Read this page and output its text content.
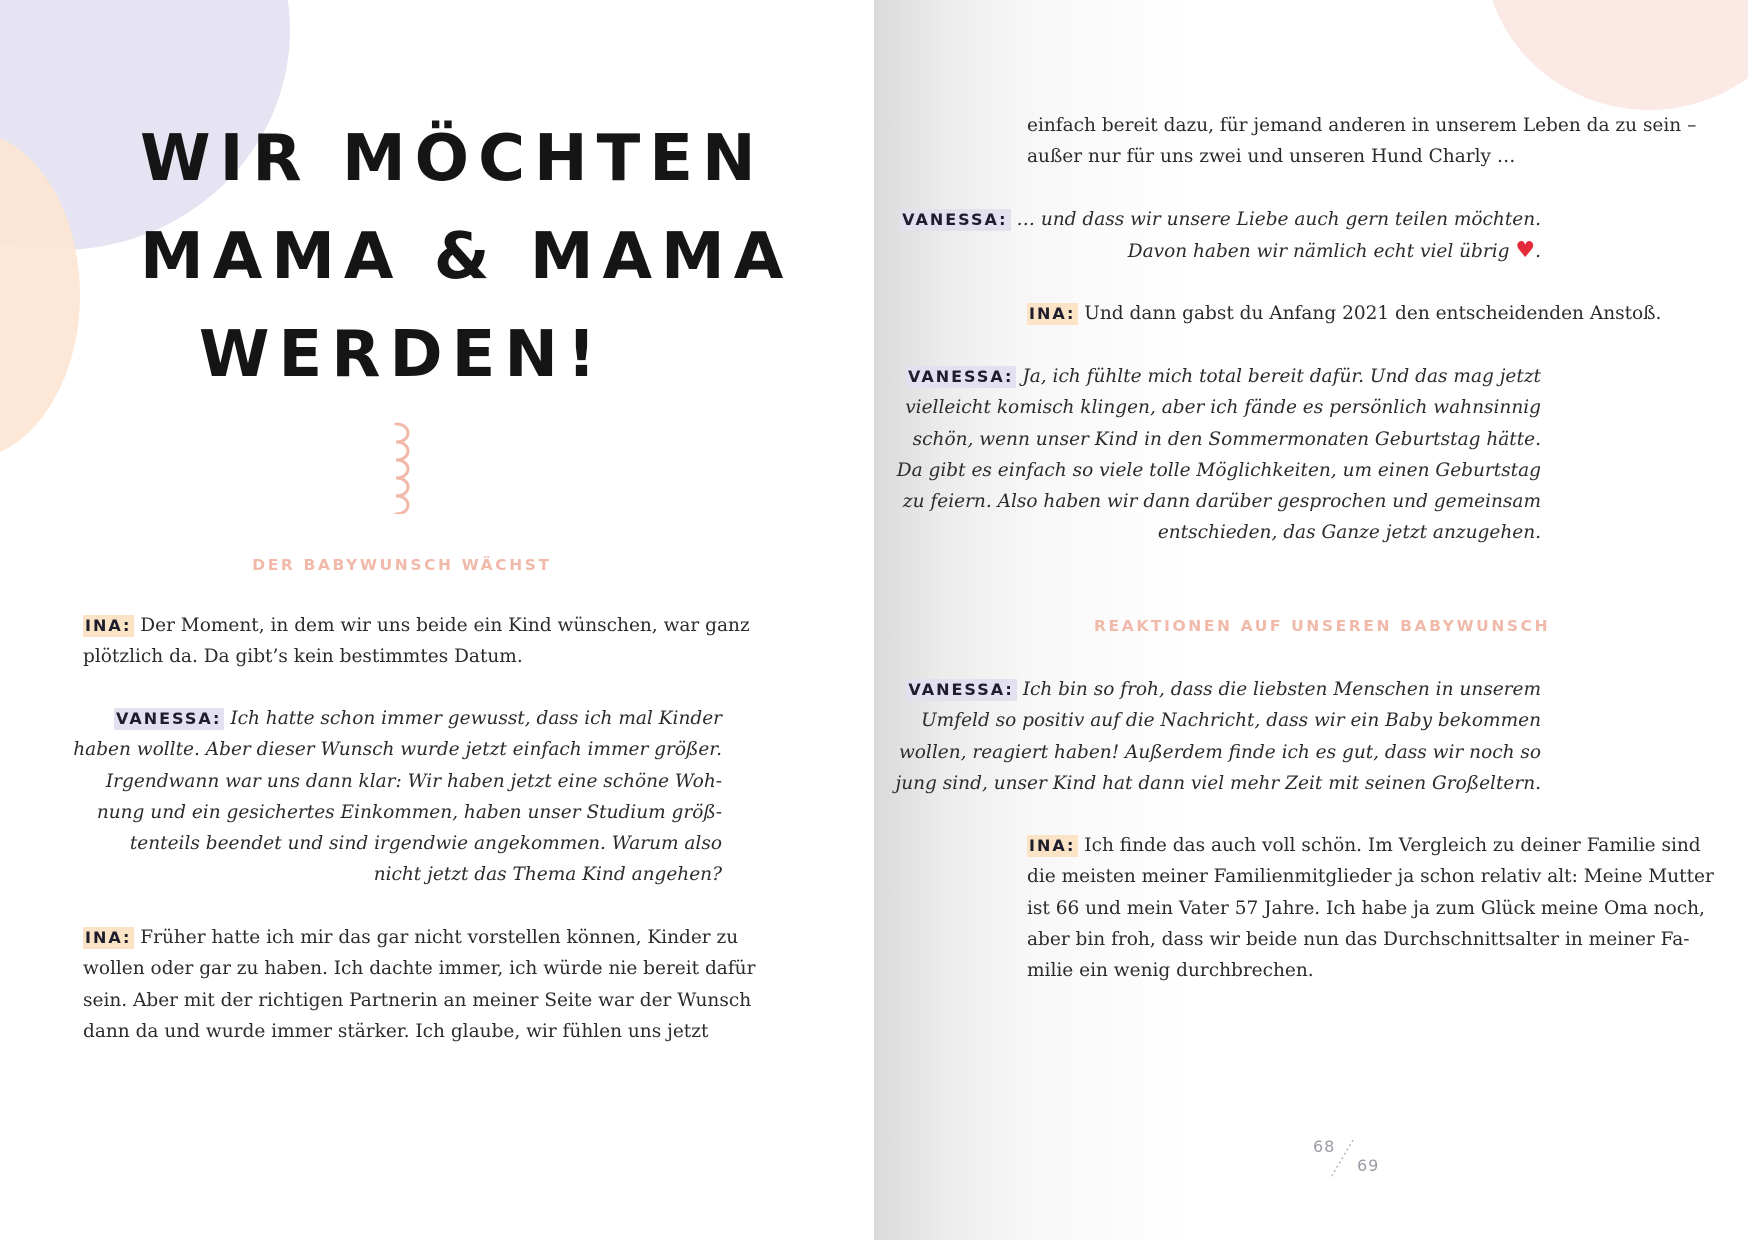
WIR MÖCHTEN
MAMA & MAMA
WERDEN!
DER BABYWUNSCH WÄCHST
INA: Der Moment, in dem wir uns beide ein Kind wünschen, war ganz
plötzlich da. Da gibt’s kein bestimmtes Datum.
VANESSA: Ich hatte schon immer gewusst, dass ich mal Kinder
haben wollte. Aber dieser Wunsch wurde jetzt einfach immer größer.
Irgendwann war uns dann klar: Wir haben jetzt eine schöne Woh-
nung und ein gesichertes Einkommen, haben unser Studium größ-
tenteils beendet und sind irgendwie angekommen. Warum also
nicht jetzt das Thema Kind angehen?
INA: Früher hatte ich mir das gar nicht vorstellen können, Kinder zu
wollen oder gar zu haben. Ich dachte immer, ich würde nie bereit dafür
sein. Aber mit der richtigen Partnerin an meiner Seite war der Wunsch
dann da und wurde immer stärker. Ich glaube, wir fühlen uns jetzt
einfach bereit dazu, für jemand anderen in unserem Leben da zu sein –
außer nur für uns zwei und unseren Hund Charly …
VANESSA: … und dass wir unsere Liebe auch gern teilen möchten.
Davon haben wir nämlich echt viel übrig ♥.
INA: Und dann gabst du Anfang 2021 den entscheidenden Anstoß.
VANESSA: Ja, ich fühlte mich total bereit dafür. Und das mag jetzt
vielleicht komisch klingen, aber ich fände es persönlich wahnsinnig
schön, wenn unser Kind in den Sommermonaten Geburtstag hätte.
Da gibt es einfach so viele tolle Möglichkeiten, um einen Geburtstag
zu feiern. Also haben wir dann darüber gesprochen und gemeinsam
entschieden, das Ganze jetzt anzugehen.
REAKTIONEN AUF UNSEREN BABYWUNSCH
VANESSA: Ich bin so froh, dass die liebsten Menschen in unserem
Umfeld so positiv auf die Nachricht, dass wir ein Baby bekommen
wollen, reagiert haben! Außerdem finde ich es gut, dass wir noch so
jung sind, unser Kind hat dann viel mehr Zeit mit seinen Großeltern.
INA: Ich finde das auch voll schön. Im Vergleich zu deiner Familie sind
die meisten meiner Familienmitglieder ja schon relativ alt: Meine Mutter
ist 66 und mein Vater 57 Jahre. Ich habe ja zum Glück meine Oma noch,
aber bin froh, dass wir beide nun das Durchschnittsalter in meiner Fa-
milie ein wenig durchbrechen.
68
69
